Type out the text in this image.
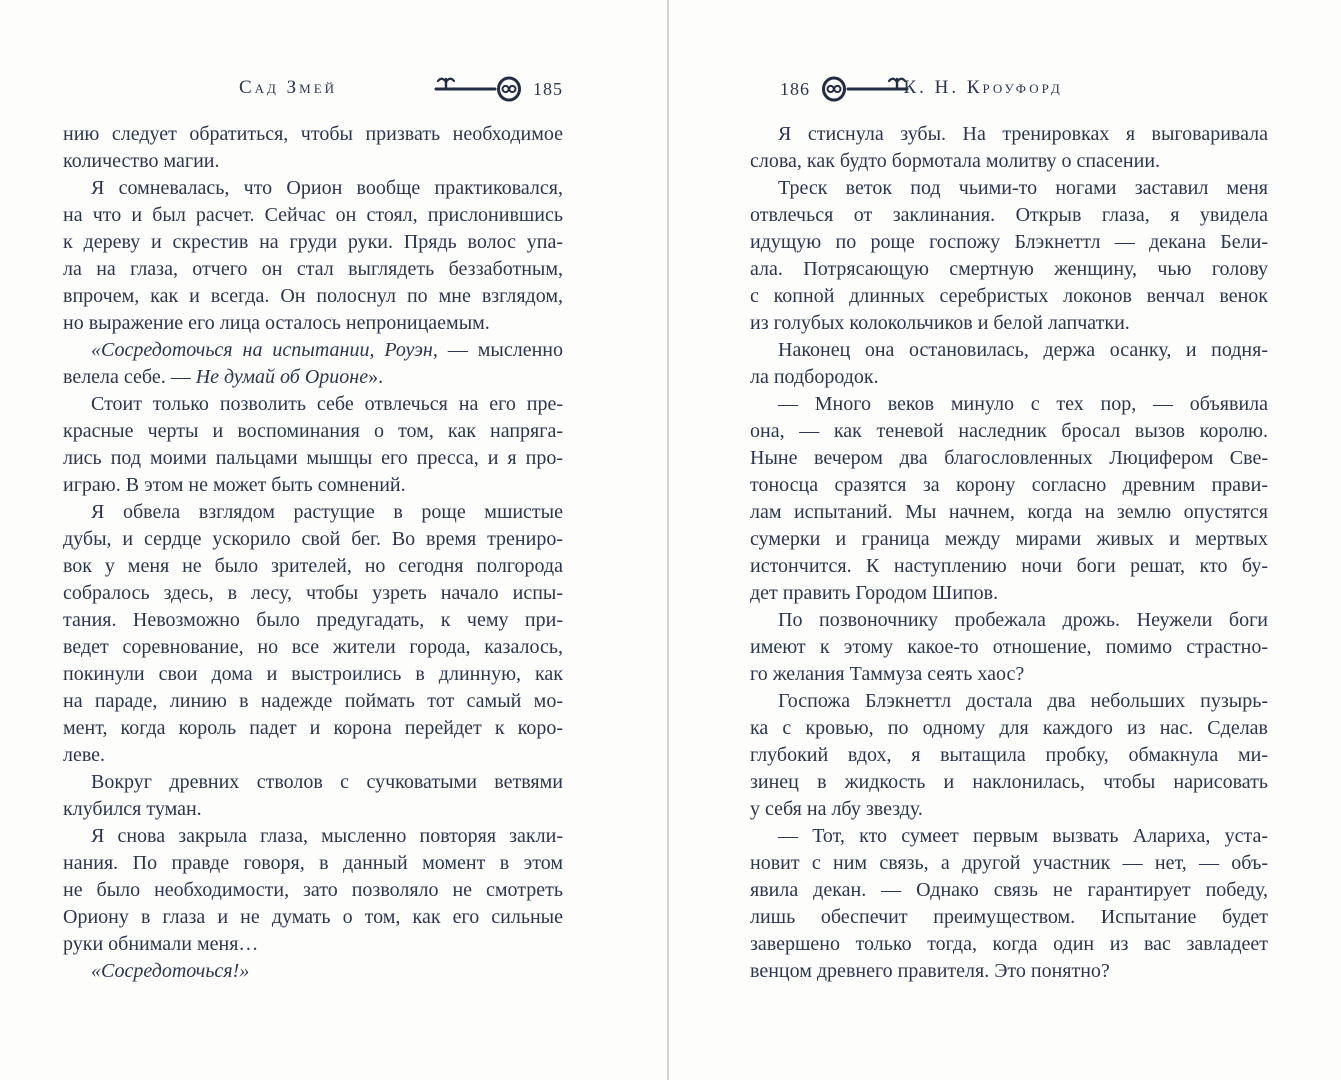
Сад Змей	185
нию следует обратиться, чтобы призвать необходимое
количество магии.
Я сомневалась, что Орион вообще практиковался,
на что и был расчет. Сейчас он стоял, прислонившись
к дереву и скрестив на груди руки. Прядь волос упа-
ла на глаза, отчего он стал выглядеть беззаботным,
впрочем, как и всегда. Он полоснул по мне взглядом,
но выражение его лица осталось непроницаемым.
«Сосредоточься на испытании, Роуэн, — мысленно
велела себе. — Не думай об Орионе».
Стоит только позволить себе отвлечься на его пре-
красные черты и воспоминания о том, как напряга-
лись под моими пальцами мышцы его пресса, и я про-
играю. В этом не может быть сомнений.
Я обвела взглядом растущие в роще мшистые
дубы, и сердце ускорило свой бег. Во время трениро-
вок у меня не было зрителей, но сегодня полгорода
собралось здесь, в лесу, чтобы узреть начало испы-
тания. Невозможно было предугадать, к чему при-
ведет соревнование, но все жители города, казалось,
покинули свои дома и выстроились в длинную, как
на параде, линию в надежде поймать тот самый мо-
мент, когда король падет и корона перейдет к коро-
леве.
Вокруг древних стволов с сучковатыми ветвями
клубился туман.
Я снова закрыла глаза, мысленно повторяя закли-
нания. По правде говоря, в данный момент в этом
не было необходимости, зато позволяло не смотреть
Ориону в глаза и не думать о том, как его сильные
руки обнимали меня…
«Сосредоточься!»
186	К. Н. Кроуфорд
Я стиснула зубы. На тренировках я выговаривала
слова, как будто бормотала молитву о спасении.
Треск веток под чьими-то ногами заставил меня
отвлечься от заклинания. Открыв глаза, я увидела
идущую по роще госпожу Блэкнеттл — декана Бели-
ала. Потрясающую смертную женщину, чью голову
с копной длинных серебристых локонов венчал венок
из голубых колокольчиков и белой лапчатки.
Наконец она остановилась, держа осанку, и подня-
ла подбородок.
— Много веков минуло с тех пор, — объявила
она, — как теневой наследник бросал вызов королю.
Ныне вечером два благословленных Люцифером Све-
тоносца сразятся за корону согласно древним прави-
лам испытаний. Мы начнем, когда на землю опустятся
сумерки и граница между мирами живых и мертвых
истончится. К наступлению ночи боги решат, кто бу-
дет править Городом Шипов.
По позвоночнику пробежала дрожь. Неужели боги
имеют к этому какое-то отношение, помимо страстно-
го желания Таммуза сеять хаос?
Госпожа Блэкнеттл достала два небольших пузырь-
ка с кровью, по одному для каждого из нас. Сделав
глубокий вдох, я вытащила пробку, обмакнула ми-
зинец в жидкость и наклонилась, чтобы нарисовать
у себя на лбу звезду.
— Тот, кто сумеет первым вызвать Алариха, уста-
новит с ним связь, а другой участник — нет, — объ-
явила декан. — Однако связь не гарантирует победу,
лишь обеспечит преимуществом. Испытание будет
завершено только тогда, когда один из вас завладеет
венцом древнего правителя. Это понятно?
